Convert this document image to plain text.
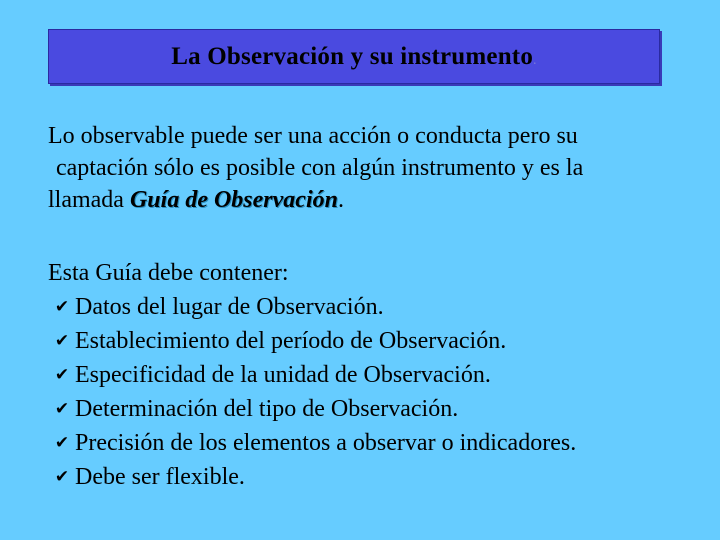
La Observación y su instrumento.
Lo observable puede ser una acción o conducta pero su
captación sólo es posible con algún instrumento y es la
llamada Guía de Observación.
Esta Guía debe contener:
✔ Datos del lugar de Observación.
✔ Establecimiento del período de Observación.
✔ Especificidad de la unidad de Observación.
✔ Determinación del tipo de Observación.
✔ Precisión de los elementos a observar o indicadores.
✔ Debe ser flexible.
